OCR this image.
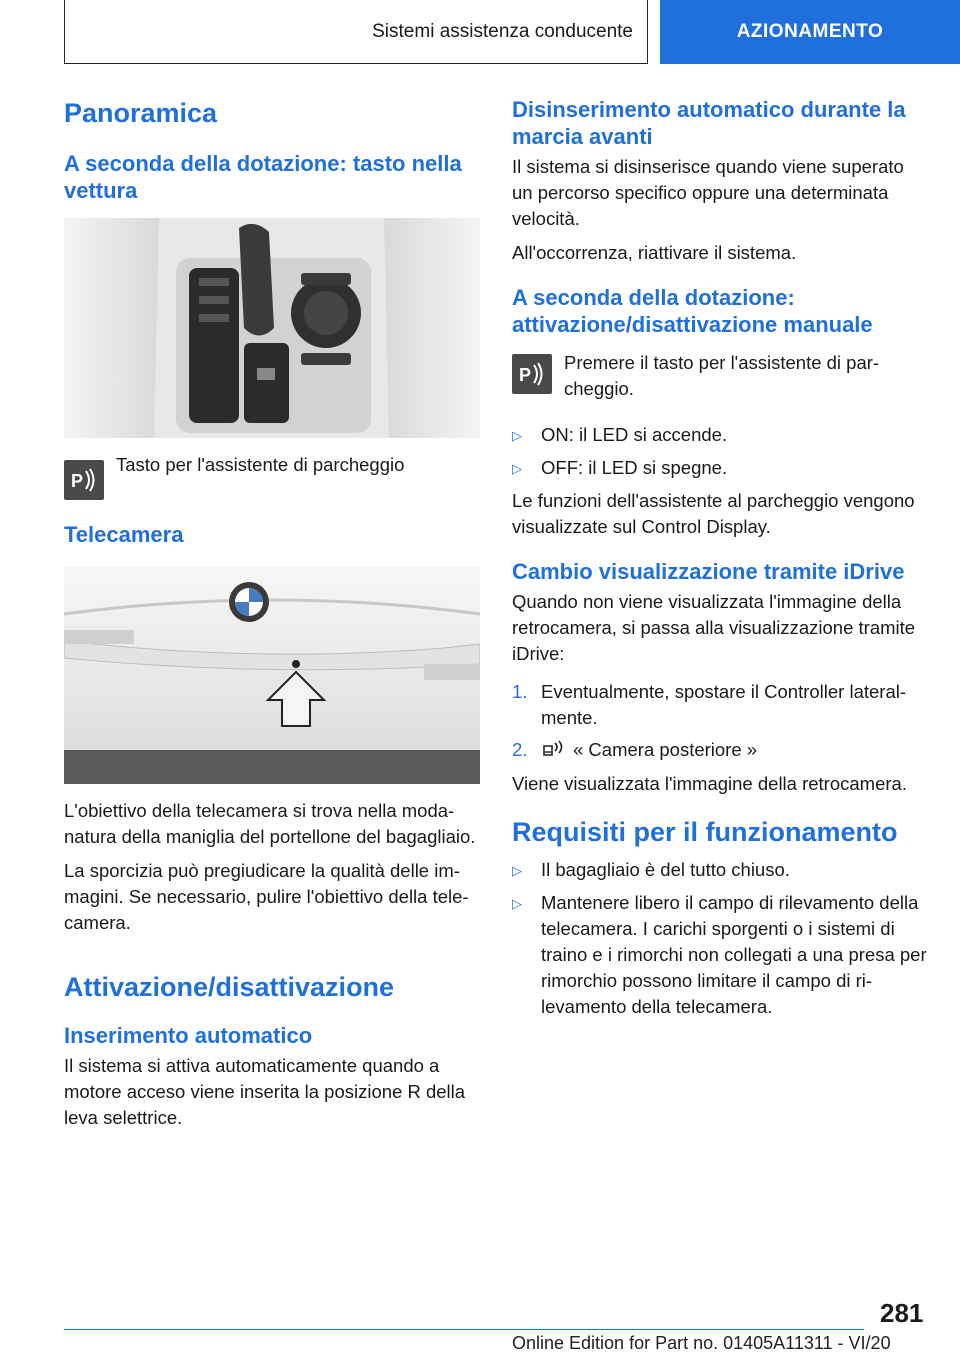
Sistemi assistenza conducente	AZIONAMENTO
Panoramica
A seconda della dotazione: tasto nella vettura
P
Tasto per l'assistente di parcheggio
Telecamera
L'obiettivo della telecamera si trova nella modanatura della maniglia del portellone del bagagliaio.
La sporcizia può pregiudicare la qualità delle immagini. Se necessario, pulire l'obiettivo della telecamera.
Attivazione/disattivazione
Inserimento automatico
Il sistema si attiva automaticamente quando a motore acceso viene inserita la posizione R della leva selettrice.
Disinserimento automatico durante la marcia avanti
Il sistema si disinserisce quando viene superato un percorso specifico oppure una determinata velocità.
All'occorrenza, riattivare il sistema.
A seconda della dotazione: attivazione/disattivazione manuale
P
Premere il tasto per l'assistente di parcheggio.
▷	ON: il LED si accende.
▷	OFF: il LED si spegne.
Le funzioni dell'assistente al parcheggio vengono visualizzate sul Control Display.
Cambio visualizzazione tramite iDrive
Quando non viene visualizzata l'immagine della retrocamera, si passa alla visualizzazione tramite iDrive:
1. Eventualmente, spostare il Controller lateralmente.
2.	« Camera posteriore »
Viene visualizzata l'immagine della retrocamera.
Requisiti per il funzionamento
▷	Il bagagliaio è del tutto chiuso.
▷	Mantenere libero il campo di rilevamento della telecamera. I carichi sporgenti o i sistemi di traino e i rimorchi non collegati a una presa per rimorchio possono limitare il campo di rilevamento della telecamera.
281
Online Edition for Part no. 01405A11311 - VI/20
